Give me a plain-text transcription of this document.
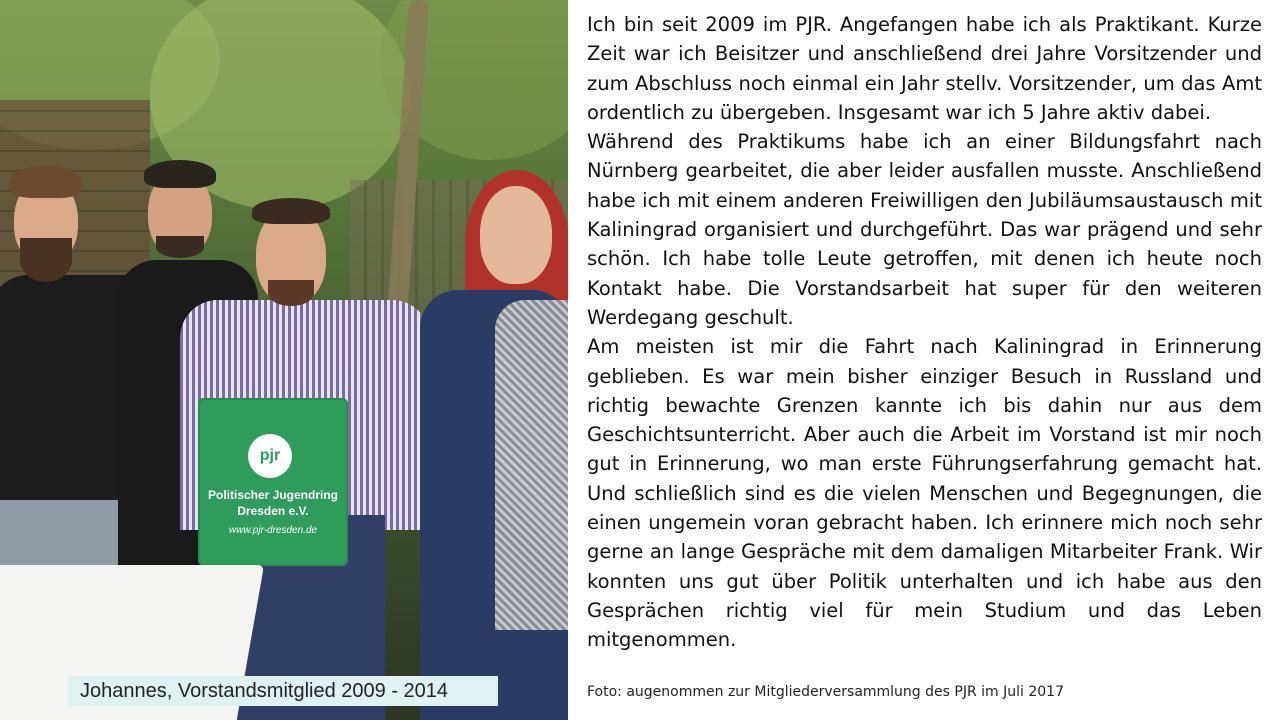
pjr
Politischer Jugendring
Dresden e.V.
www.pjr-dresden.de
Johannes, Vorstandsmitglied 2009 - 2014

Ich bin seit 2009 im PJR. Angefangen habe ich als Praktikant. Kurze Zeit war ich Beisitzer und anschließend drei Jahre Vorsitzender und zum Abschluss noch einmal ein Jahr stellv. Vorsitzender, um das Amt ordentlich zu übergeben. Insgesamt war ich 5 Jahre aktiv dabei.

Während des Praktikums habe ich an einer Bildungsfahrt nach Nürnberg gearbeitet, die aber leider ausfallen musste. Anschließend habe ich mit einem anderen Freiwilligen den Jubiläumsaustausch mit Kaliningrad organisiert und durchgeführt. Das war prägend und sehr schön. Ich habe tolle Leute getroffen, mit denen ich heute noch Kontakt habe. Die Vorstandsarbeit hat super für den weiteren Werdegang geschult.

Am meisten ist mir die Fahrt nach Kaliningrad in Erinnerung geblieben. Es war mein bisher einziger Besuch in Russland und richtig bewachte Grenzen kannte ich bis dahin nur aus dem Geschichtsunterricht. Aber auch die Arbeit im Vorstand ist mir noch gut in Erinnerung, wo man erste Führungserfahrung gemacht hat. Und schließlich sind es die vielen Menschen und Begegnungen, die einen ungemein voran gebracht haben. Ich erinnere mich noch sehr gerne an lange Gespräche mit dem damaligen Mitarbeiter Frank. Wir konnten uns gut über Politik unterhalten und ich habe aus den Gesprächen richtig viel für mein Studium und das Leben mitgenommen.

Foto: augenommen zur Mitgliederversammlung des PJR im Juli 2017
